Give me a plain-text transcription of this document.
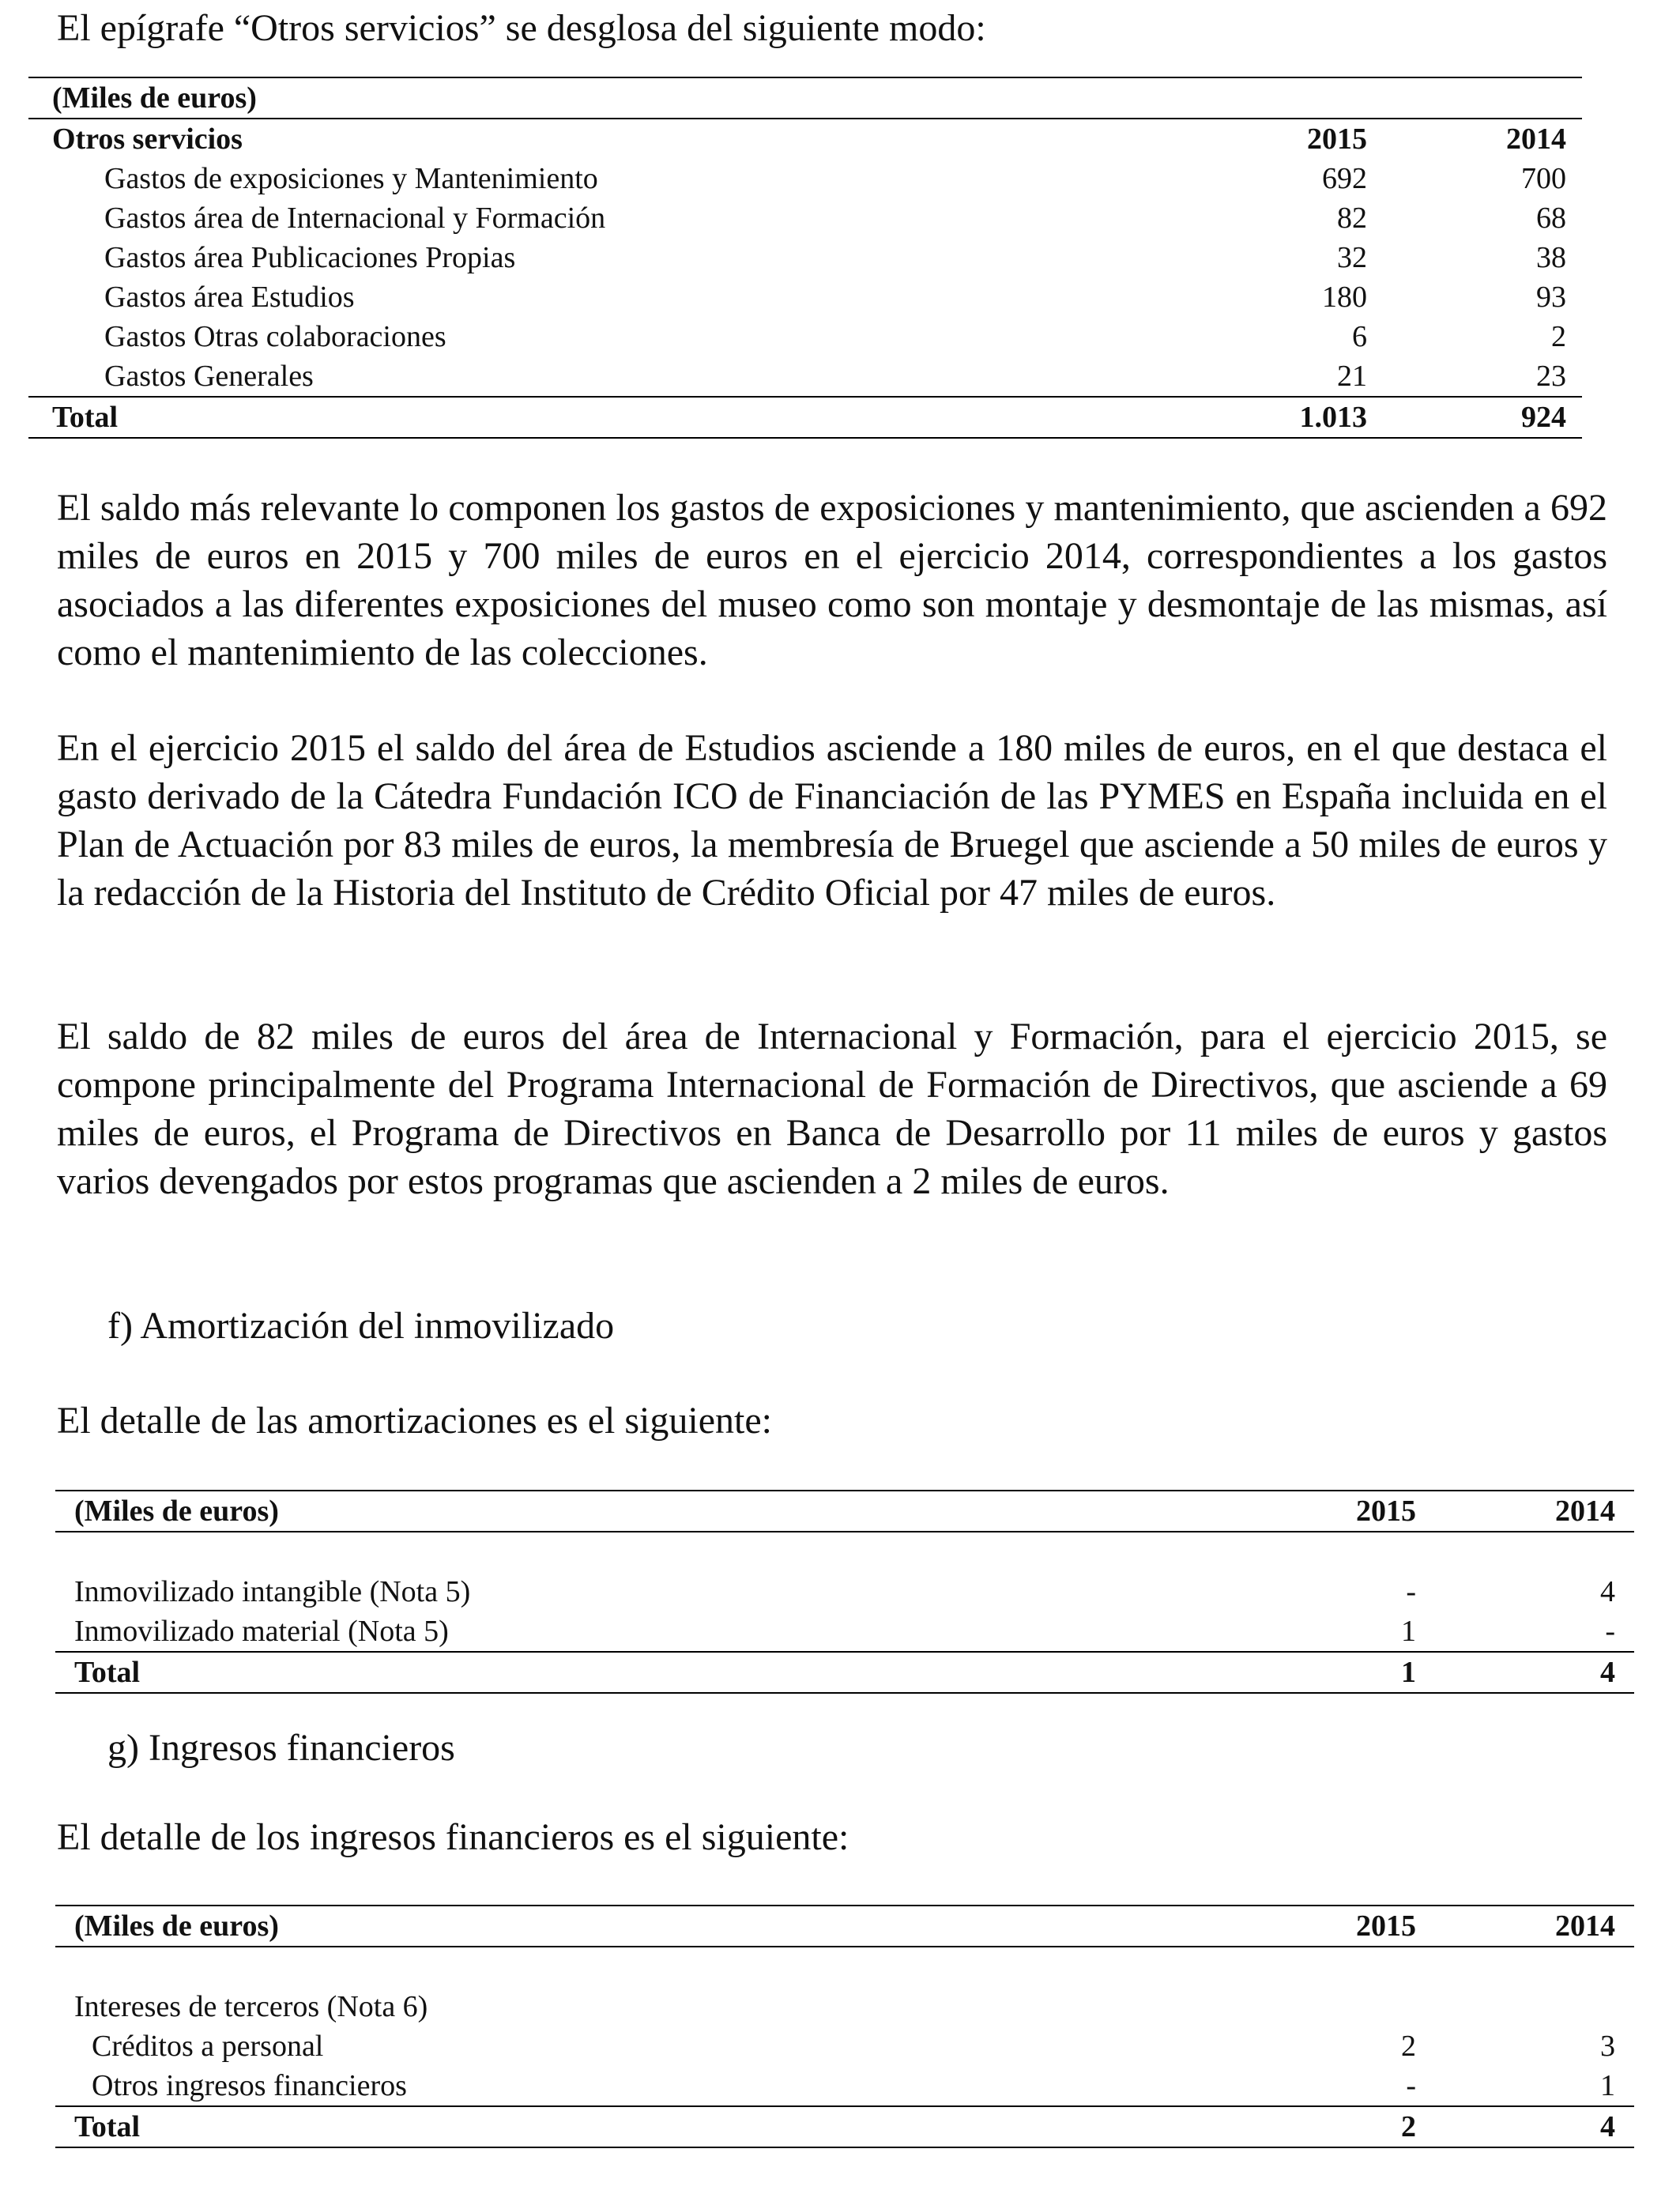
El epígrafe “Otros servicios” se desglosa del siguiente modo:
(Miles de euros)		
Otros servicios	2015	2014
Gastos de exposiciones y Mantenimiento	692	700
Gastos área de Internacional y Formación	82	68
Gastos área Publicaciones Propias	32	38
Gastos área Estudios	180	93
Gastos Otras colaboraciones	6	2
Gastos Generales	21	23
Total	1.013	924

El saldo más relevante lo componen los gastos de exposiciones y mantenimiento, que ascienden a 692 miles de euros en 2015 y 700 miles de euros en el ejercicio 2014, correspondientes a los gastos asociados a las diferentes exposiciones del museo como son montaje y desmontaje de las mismas, así como el mantenimiento de las colecciones.

En el ejercicio 2015 el saldo del área de Estudios asciende a 180 miles de euros, en el que destaca el gasto derivado de la Cátedra Fundación ICO de Financiación de las PYMES en España incluida en el Plan de Actuación por 83 miles de euros, la membresía de Bruegel que asciende a 50 miles de euros y la redacción de la Historia del Instituto de Crédito Oficial por 47 miles de euros.

El saldo de 82 miles de euros del área de Internacional y Formación, para el ejercicio 2015, se compone principalmente del Programa Internacional de Formación de Directivos, que asciende a 69 miles de euros, el Programa de Directivos en Banca de Desarrollo por 11 miles de euros y gastos varios devengados por estos programas que ascienden a 2 miles de euros.

f) Amortización del inmovilizado
El detalle de las amortizaciones es el siguiente:
(Miles de euros)	2015	2014

Inmovilizado intangible (Nota 5)	-	4
Inmovilizado material (Nota 5)	1	-
Total	1	4
g) Ingresos financieros
El detalle de los ingresos financieros es el siguiente:
(Miles de euros)	2015	2014

Intereses de terceros (Nota 6)		
Créditos a personal	2	3
Otros ingresos financieros	-	1
Total	2	4
